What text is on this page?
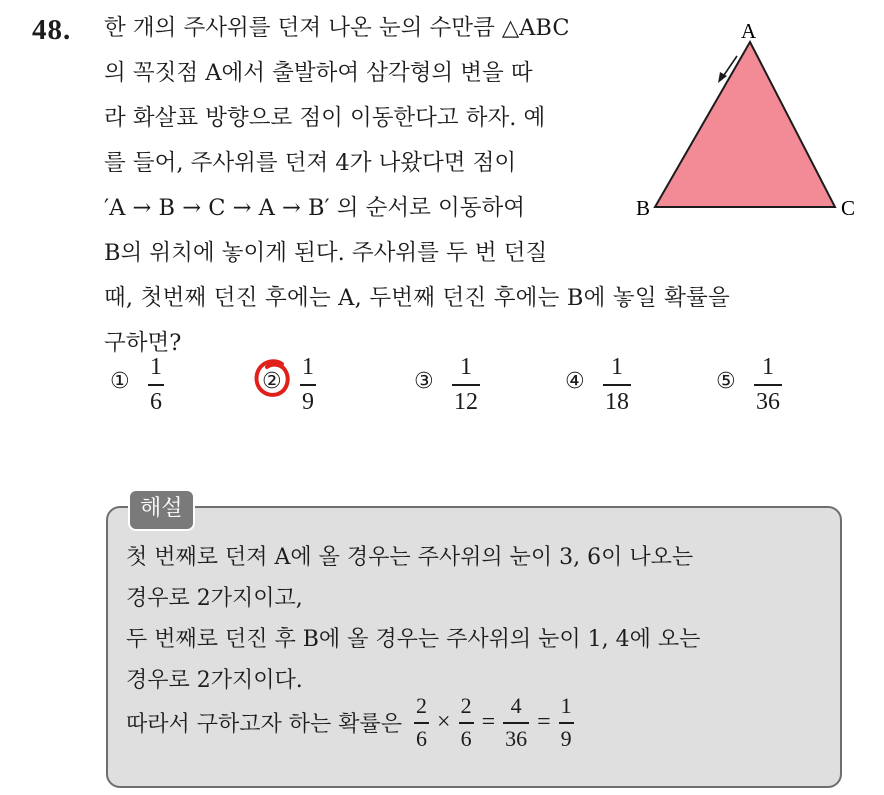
48. 한 개의 주사위를 던져 나온 눈의 수만큼 △ABC
의 꼭짓점 A에서 출발하여 삼각형의 변을 따
라 화살표 방향으로 점이 이동한다고 하자. 예
를 들어, 주사위를 던져 4가 나왔다면 점이
′A → B → C → A → B′ 의 순서로 이동하여
B의 위치에 놓이게 된다. 주사위를 두 번 던질
때, 첫번째 던진 후에는 A, 두번째 던진 후에는 B에 놓일 확률을
구하면?
A
B	C
①
1
6
②
1
9
③
1
12
④
1
18
⑤
1
36
해설
첫 번째로 던져 A에 올 경우는 주사위의 눈이 3, 6이 나오는
경우로 2가지이고,
두 번째로 던진 후 B에 올 경우는 주사위의 눈이 1, 4에 오는
경우로 2가지이다.
따라서 구하고자 하는 확률은 $\frac{2}{6} \times \frac{2}{6} = \frac{4}{36} = \frac{1}{9}$
